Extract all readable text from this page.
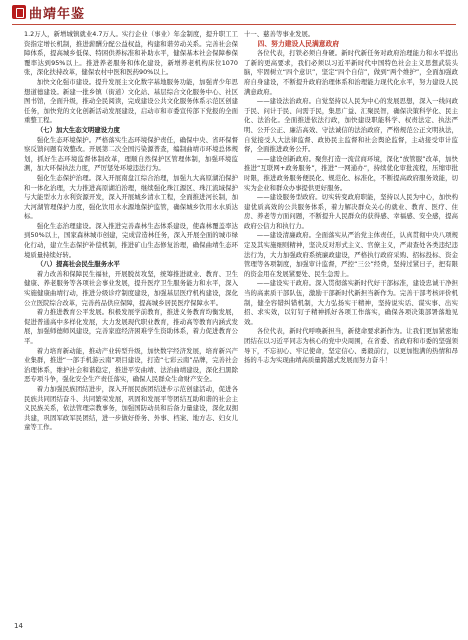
曲靖年鉴

1.2万人，新增城镇就业4.7万人。实行企业（事业）年金制度，提升职工工资指定增长机制，推进薪酬分配公益权益，构建和谐劳动关系。完善社会保障体系，提高城乡低保、特困供养标准和补助水平，健保基本社会保障参保覆率达到95%以上。推进养老服务和体化建设，新增养老机构床位1070张，深化扶持改革，健保农村中医和医药90%以上。

加快文化强市建设。提升发展主文化数字基地服务功能，加强青少年思想道德建设。新建一批乡镇（街道）文化站、基层综合文化服务中心、社区图书馆，全面升级，推动全民阅读，完成建设公共文化服务体系示范区创建任务，加快党的文化创新活动发展建设，启动市和市委宣传部下党报的全面重整工程。

（七）加大生态文明建设力度

强化生态环境保护。严格落实生态环境保护责任，确保中央、省环保督察反馈问题有效整改。开展第二次全国污染源普查，编制曲靖市环境总体规划，抓好生态环境监督体制改革，理顺自然保护区管理体制，加强环境监测，加大环保执法力度，严厉惩处环境违法行为。

强化生态保护治理。深入开展南盘江综合治理，加强九大高原湖泊保护和一体化治理，大力推进高原湖泊治理，继续强化珠江源区、珠江流域保护与大能型水力水利资源开发，深入开展城乡清水工程，全面推进河长制，加大河湖管理保护力度，强化饮用水水源地保护监管，确保城乡饮用水水质达标。

强化生态治理建设。深入推进完善森林生态体系建设，使森林覆盖率达到50%以上，国家森林城市创建，完成营造林任务，深入开展全面的城市绿化行动，建立生态保护补偿机制，推进矿山生态修复治理，确保曲靖生态环境质量持续好转。

（八）提高社会民生服务水平

着力改善和保障民生福祉，开展脱贫攻坚，统筹推进就业、教育、卫生健康、养老服务等各项社会事业发展，提升医疗卫生服务能力和水平，深入实施健康曲靖行动，推进分级诊疗制度建设，加强基层医疗机构建设，深化公立医院综合改革，完善药品供应保障，提高城乡居民医疗保障水平。

着力推进教育公平发展。积极发展学前教育，推进义务教育均衡发展，促进普通高中多样化发展，大力发展现代职业教育，推动高等教育内涵式发展，加强师德师风建设，完善家庭经济困难学生资助体系，着力促进教育公平。

着力培育新动能，推动产业转型升级，加快数字经济发展，培育新兴产业集群，推进“一部手机游云南”项目建设，打造“七彩云南”品牌，完善社会治理体系，维护社会和谐稳定，推进平安曲靖、法治曲靖建设，深化扫黑除恶专项斗争，强化安全生产责任落实，确保人民群众生命财产安全。

着力加强民族团结进步，深入开展民族团结进步示范创建活动，促进各民族共同团结奋斗、共同繁荣发展，巩固和发展平等团结互助和谐的社会主义民族关系，依法管理宗教事务，加强国防动员和后备力量建设，深化双拥共建，巩固军政军民团结，进一步做好侨务、外事、档案、地方志、妇女儿童等工作。

十一、慈善等事业发展。

四、努力建设人民满意政府

各位代表，打铁必须自身硬。新时代新任务对政府治理能力和水平提出了新的更高要求，我们必须以习近平新时代中国特色社会主义思想武装头脑，牢固树立“四个意识”，坚定“四个自信”，做到“两个维护”，全面加强政府自身建设，不断提升政府治理体系和治理能力现代化水平，努力建设人民满意政府。

——建设法治政府。自觉坚持以人民为中心的发展思想，深入一线问政于民、问计于民、问需于民，集思广益、汇聚民智，确保决策科学化、民主化、法治化。全面推进依法行政，加快建设职能科学、权责法定、执法严明、公开公正、廉洁高效、守法诚信的法治政府，严格规范公正文明执法，自觉接受人大法律监督、政协民主监督和社会舆论监督，主动接受审计监督，全面推进政务公开。

——建设创新政府。聚焦打造一流营商环境，深化“放管服”改革，加快推进“互联网+政务服务”，推进“一网通办”，持续优化审批流程，压缩审批时限，推进政务服务便民化、规范化、标准化，不断提高政府服务效能，切实为企业和群众办事提供更好服务。

——建设服务型政府。切实转变政府职能，坚持以人民为中心，加快构建优质高效的公共服务体系，着力解决群众关心的就业、教育、医疗、住房、养老等方面问题，不断提升人民群众的获得感、幸福感、安全感，提高政府公信力和执行力。

——建设清廉政府。全面落实从严治党主体责任，认真贯彻中央八项规定及其实施细则精神，坚决反对形式主义、官僚主义，严肃查处各类违纪违法行为，大力加强政府系统廉政建设，严格执行政府采购、招标投标、资金管理等各项制度，加强审计监督，严控“三公”经费，坚持过紧日子，把有限的资金用在发展紧要处、民生急需上。

——建设实干政府。深入贯彻落实新时代好干部标准，建设忠诚干净担当的高素质干部队伍，激励干部新时代新担当新作为。完善干部考核评价机制，健全容错纠错机制，大力弘扬实干精神，坚持说实话、谋实事、出实招、求实效，以钉钉子精神抓好各项工作落实，确保各项决策部署落地见效。

各位代表，新时代呼唤新担当，新使命要求新作为。让我们更加紧密地团结在以习近平同志为核心的党中央周围，在省委、省政府和市委的坚强领导下，不忘初心、牢记使命，坚定信心、勇毅前行，以更加饱满的热情和昂扬的斗志为实现曲靖高质量跨越式发展而努力奋斗！

14
